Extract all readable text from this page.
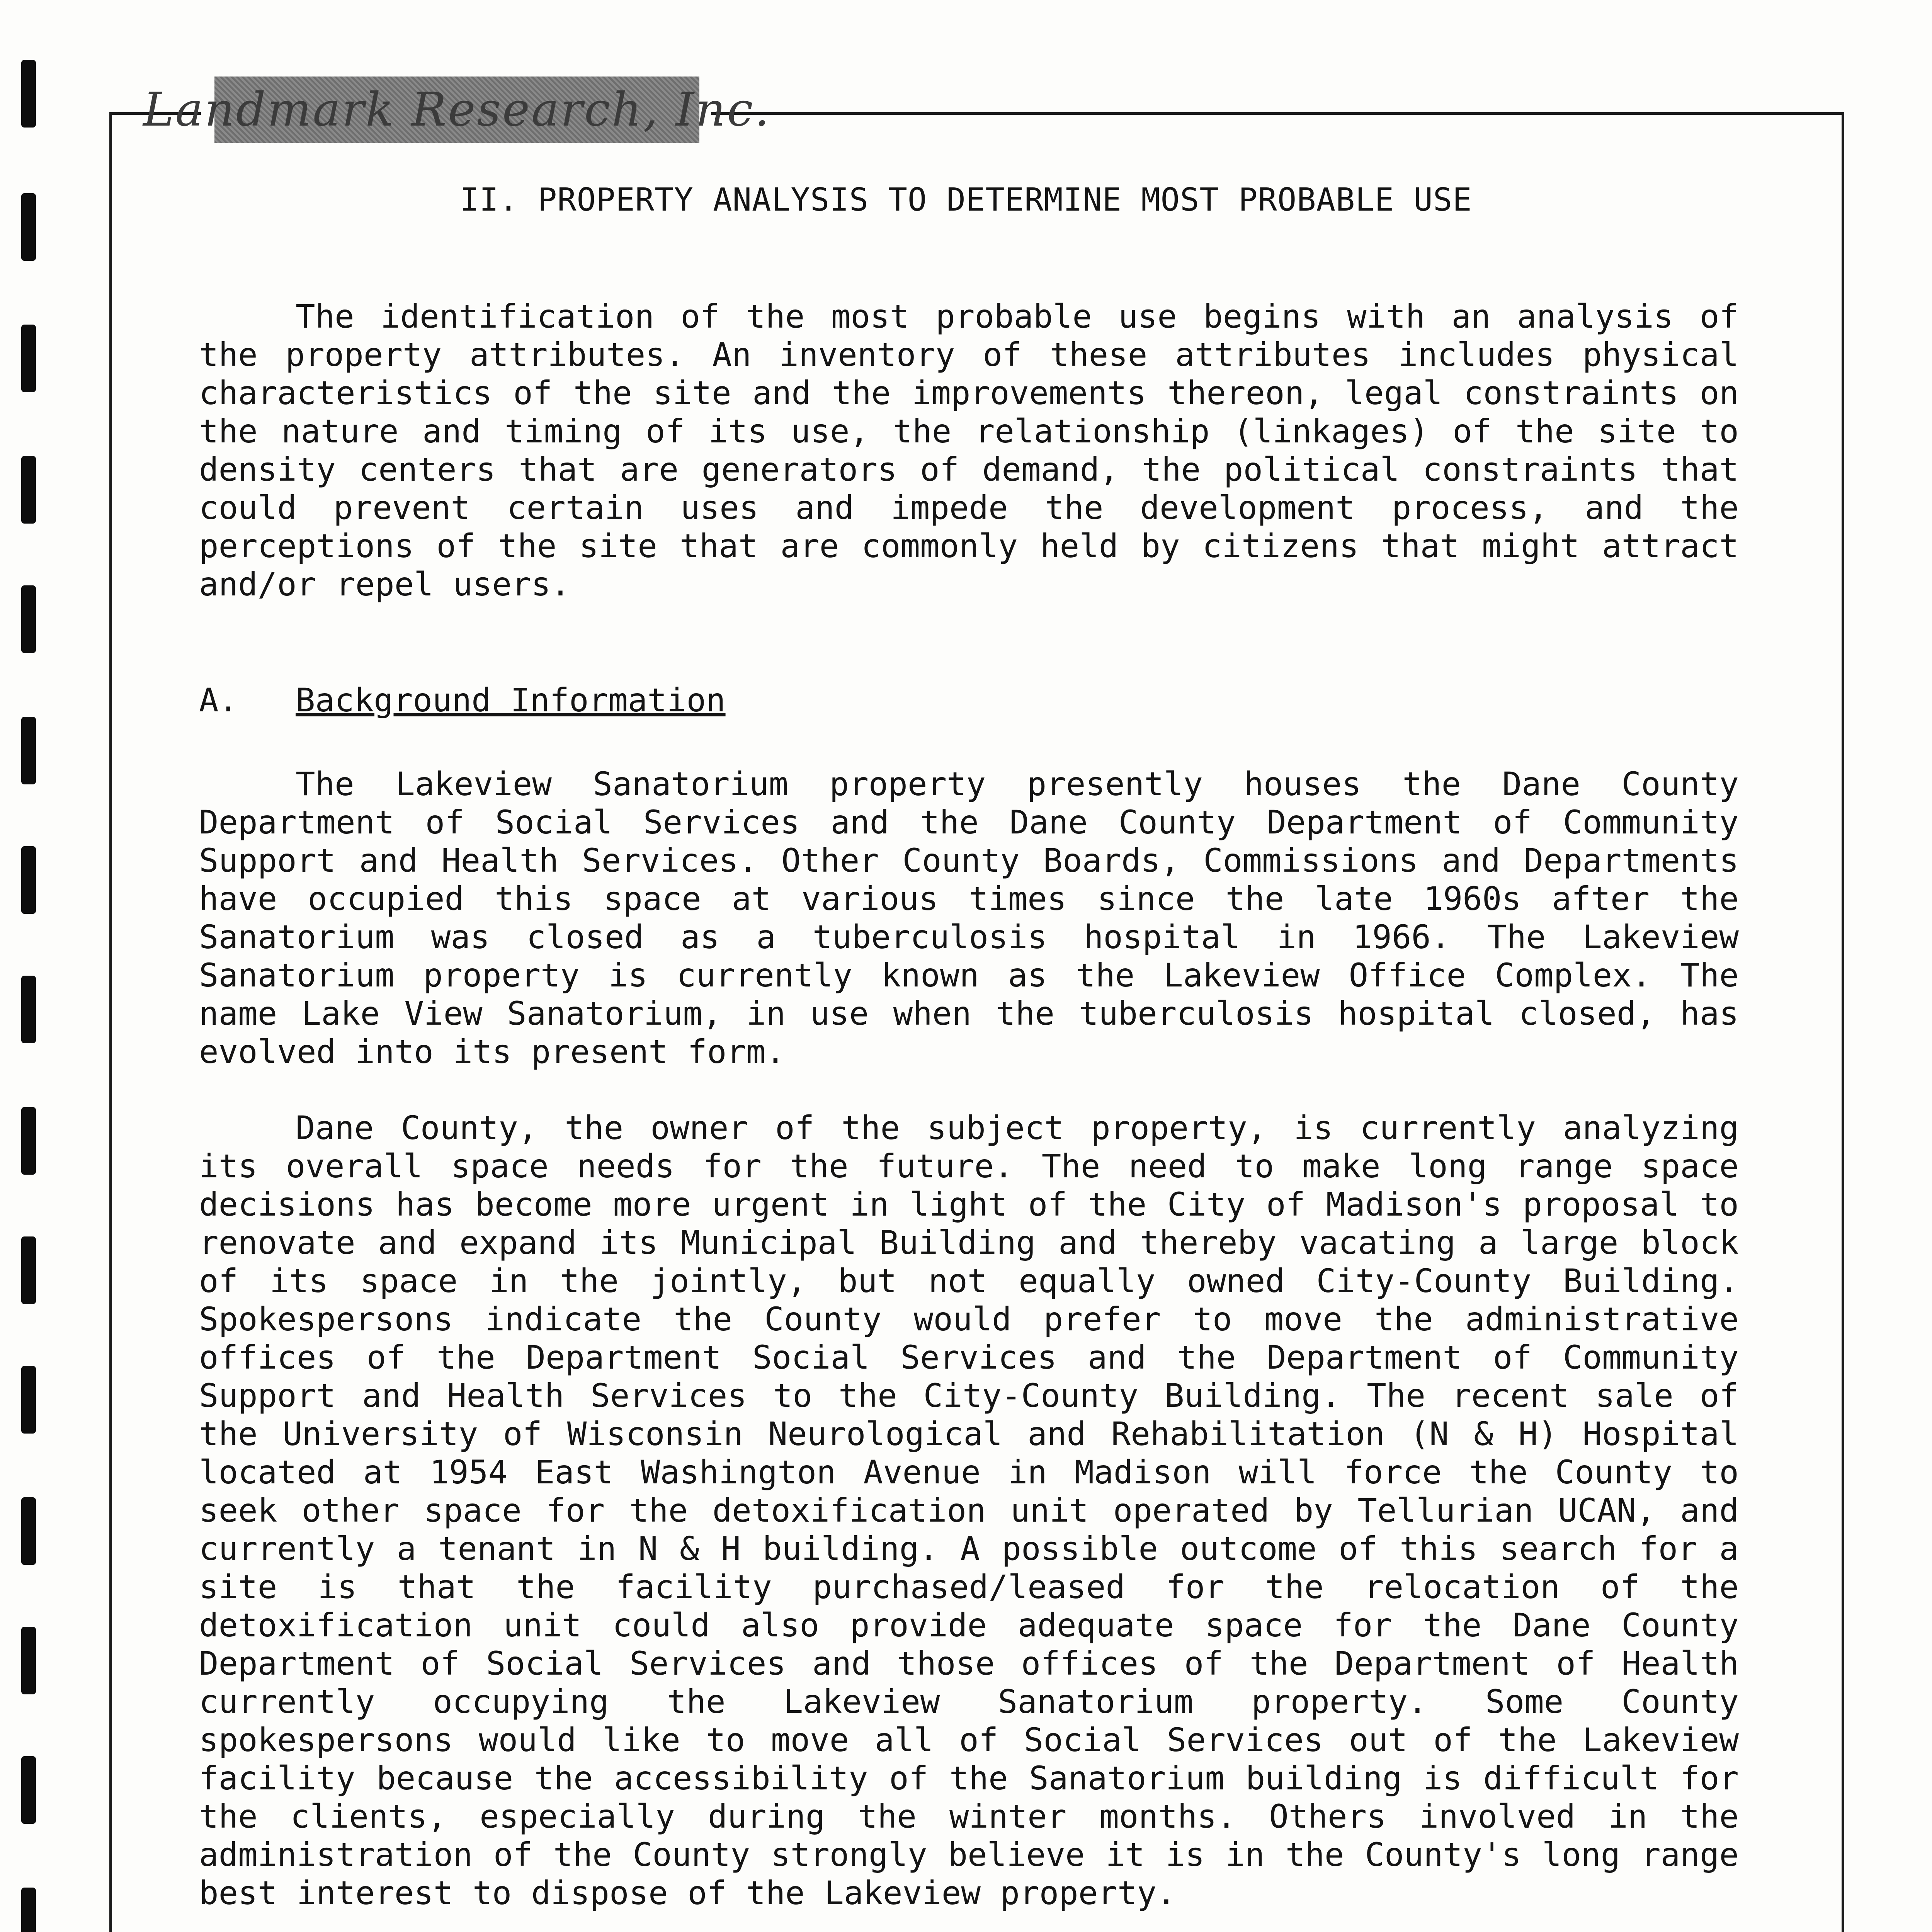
Landmark Research, Inc.
II. PROPERTY ANALYSIS TO DETERMINE MOST PROBABLE USE

The identification of the most probable use begins with an analysis of the property attributes. An inventory of these attributes includes physical characteristics of the site and the improvements thereon, legal constraints on the nature and timing of its use, the relationship (linkages) of the site to density centers that are generators of demand, the political constraints that could prevent certain uses and impede the development process, and the perceptions of the site that are commonly held by citizens that might attract and/or repel users.

A. Background Information

The Lakeview Sanatorium property presently houses the Dane County Department of Social Services and the Dane County Department of Community Support and Health Services. Other County Boards, Commissions and Departments have occupied this space at various times since the late 1960s after the Sanatorium was closed as a tuberculosis hospital in 1966. The Lakeview Sanatorium property is currently known as the Lakeview Office Complex. The name Lake View Sanatorium, in use when the tuberculosis hospital closed, has evolved into its present form.

Dane County, the owner of the subject property, is currently analyzing its overall space needs for the future. The need to make long range space decisions has become more urgent in light of the City of Madison's proposal to renovate and expand its Municipal Building and thereby vacating a large block of its space in the jointly, but not equally owned City-County Building. Spokespersons indicate the County would prefer to move the administrative offices of the Department Social Services and the Department of Community Support and Health Services to the City-County Building. The recent sale of the University of Wisconsin Neurological and Rehabilitation (N & H) Hospital located at 1954 East Washington Avenue in Madison will force the County to seek other space for the detoxification unit operated by Tellurian UCAN, and currently a tenant in N & H building. A possible outcome of this search for a site is that the facility purchased/leased for the relocation of the detoxification unit could also provide adequate space for the Dane County Department of Social Services and those offices of the Department of Health currently occupying the Lakeview Sanatorium property. Some County spokespersons would like to move all of Social Services out of the Lakeview facility because the accessibility of the Sanatorium building is difficult for the clients, especially during the winter months. Others involved in the administration of the County strongly believe it is in the County's long range best interest to dispose of the Lakeview property.
